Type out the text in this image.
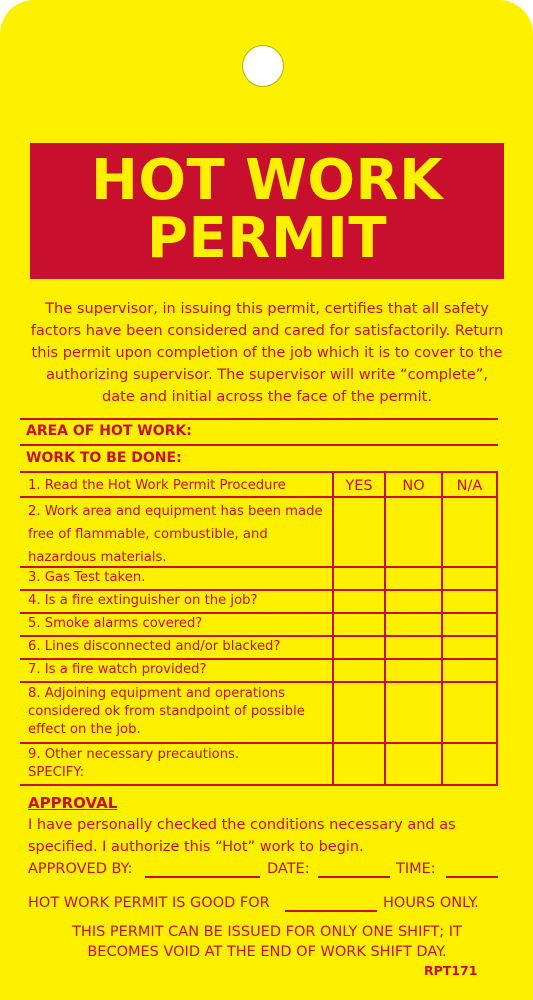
HOT WORK
PERMIT
The supervisor, in issuing this permit, certifies that all safety factors have been considered and cared for satisfactorily. Return this permit upon completion of the job which it is to cover to the authorizing supervisor. The supervisor will write “complete”, date and initial across the face of the permit.
AREA OF HOT WORK:
WORK TO BE DONE:
YES	NO	N/A
1. Read the Hot Work Permit Procedure
2. Work area and equipment has been made free of flammable, combustible, and hazardous materials.
3. Gas Test taken.
4. Is a fire extinguisher on the job?
5. Smoke alarms covered?
6. Lines disconnected and/or blacked?
7. Is a fire watch provided?
8. Adjoining equipment and operations considered ok from standpoint of possible effect on the job.
9. Other necessary precautions. SPECIFY:
APPROVAL
I have personally checked the conditions necessary and as
specified. I authorize this “Hot” work to begin.
APPROVED BY:	DATE:	TIME:
HOT WORK PERMIT IS GOOD FOR	HOURS ONLY.
THIS PERMIT CAN BE ISSUED FOR ONLY ONE SHIFT; IT
BECOMES VOID AT THE END OF WORK SHIFT DAY.
RPT171
